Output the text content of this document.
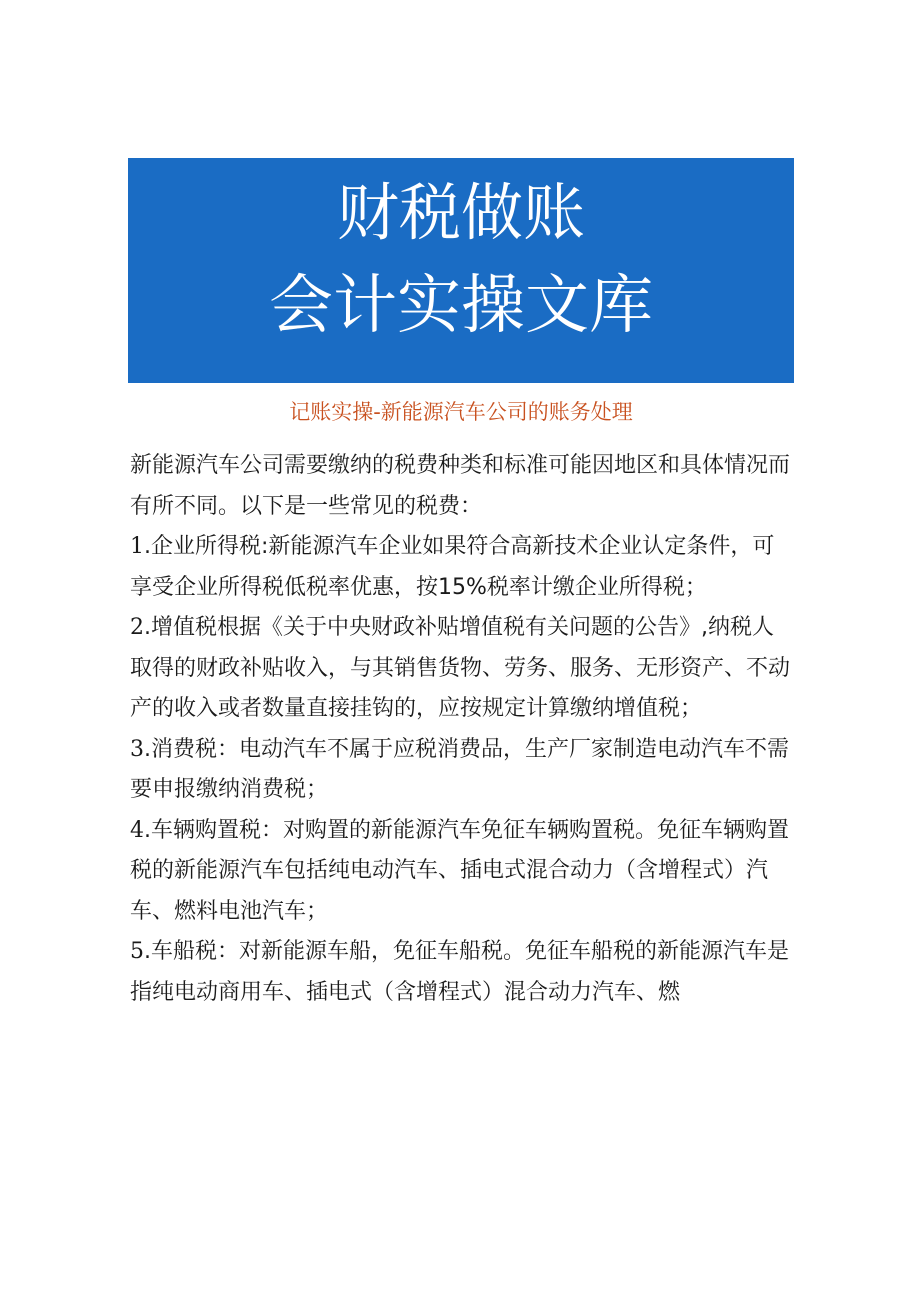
财税做账
会计实操文库
记账实操-新能源汽车公司的账务处理

新能源汽车公司需要缴纳的税费种类和标准可能因地区和具体情况而有所不同。以下是一些常见的税费：

1.企业所得税:新能源汽车企业如果符合高新技术企业认定条件，可享受企业所得税低税率优惠，按15%税率计缴企业所得税；

2.增值税根据《关于中央财政补贴增值税有关问题的公告》,纳税人取得的财政补贴收入，与其销售货物、劳务、服务、无形资产、不动产的收入或者数量直接挂钩的，应按规定计算缴纳增值税；

3.消费税：电动汽车不属于应税消费品，生产厂家制造电动汽车不需要申报缴纳消费税；

4.车辆购置税：对购置的新能源汽车免征车辆购置税。免征车辆购置税的新能源汽车包括纯电动汽车、插电式混合动力（含增程式）汽车、燃料电池汽车；

5.车船税：对新能源车船，免征车船税。免征车船税的新能源汽车是指纯电动商用车、插电式（含增程式）混合动力汽车、燃
